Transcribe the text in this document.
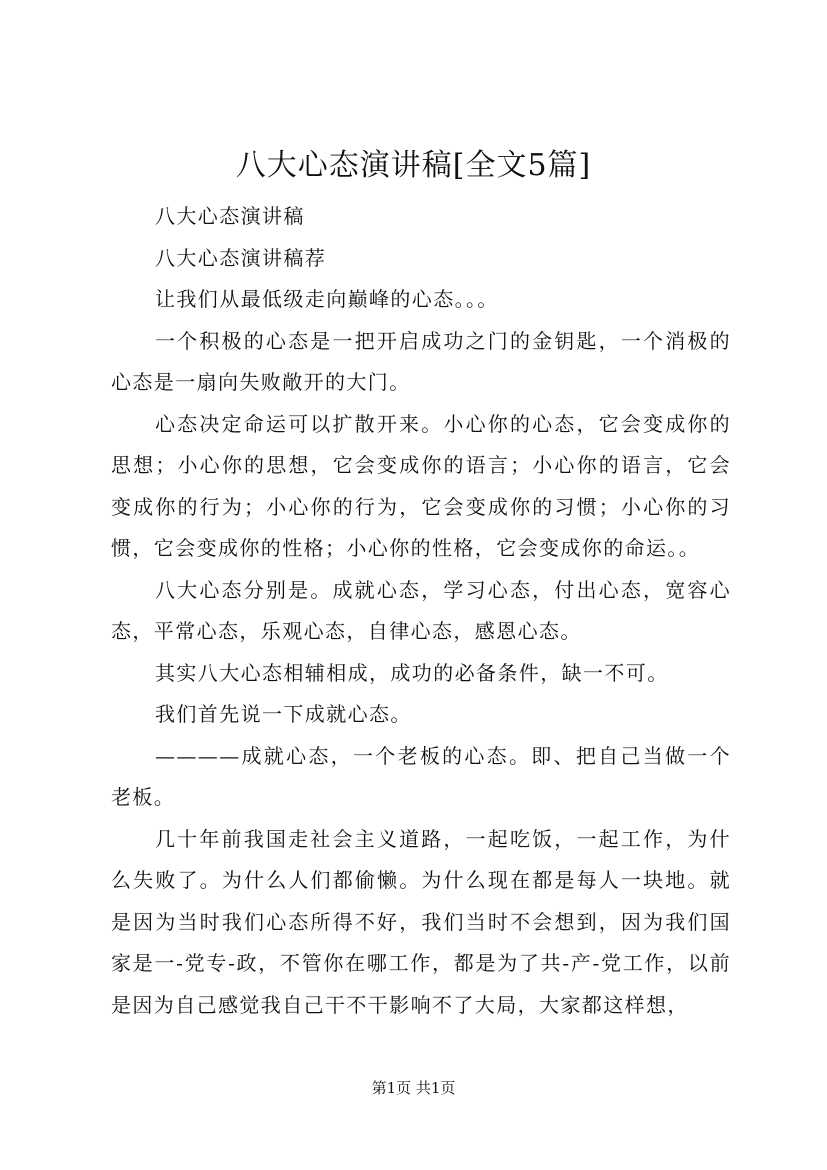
八大心态演讲稿[全文5篇]

八大心态演讲稿

八大心态演讲稿荐

让我们从最低级走向巅峰的心态。。。

一个积极的心态是一把开启成功之门的金钥匙，一个消极的心态是一扇向失败敞开的大门。

心态决定命运可以扩散开来。小心你的心态，它会变成你的思想；小心你的思想，它会变成你的语言；小心你的语言，它会变成你的行为；小心你的行为，它会变成你的习惯；小心你的习惯，它会变成你的性格；小心你的性格，它会变成你的命运。。

八大心态分别是。成就心态，学习心态，付出心态，宽容心态，平常心态，乐观心态，自律心态，感恩心态。

其实八大心态相辅相成，成功的必备条件，缺一不可。

我们首先说一下成就心态。

————成就心态，一个老板的心态。即、把自己当做一个老板。

几十年前我国走社会主义道路，一起吃饭，一起工作，为什么失败了。为什么人们都偷懒。为什么现在都是每人一块地。就是因为当时我们心态所得不好，我们当时不会想到，因为我们国家是一-党专-政，不管你在哪工作，都是为了共-产-党工作，以前是因为自己感觉我自己干不干影响不了大局，大家都这样想，

第1页 共1页
